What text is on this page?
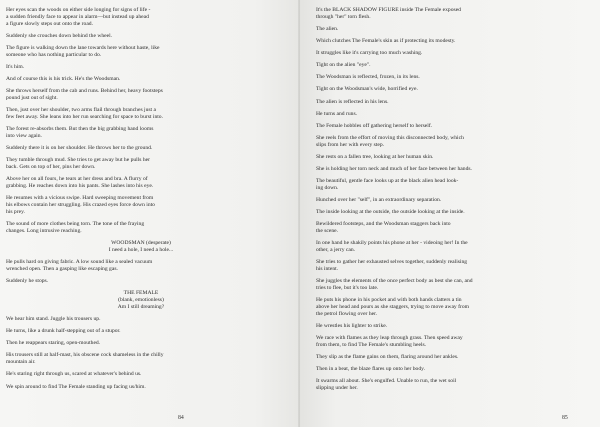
Her eyes scan the woods on either side longing for signs of life -

a sudden friendly face to appear in alarm—but instead up ahead

a figure slowly steps out onto the road.

Suddenly she crouches down behind the wheel.

The figure is walking down the lane towards here without haste, like

someone who has nothing particular to do.

It's him.

And of course this is his trick. He's the Woodsman.

She throws herself from the cab and runs. Behind her, heavy footsteps

pound just out of sight.

Then, just over her shoulder, two arms flail through branches just a

few feet away. She leans into her run searching for space to burst into.

The forest re-absorbs them. But then the big grabbing hand looms

into view again.

Suddenly there it is on her shoulder. He throws her to the ground.

They tumble through mud. She tries to get away but he pulls her

back. Gets on top of her, pins her down.

Above her on all fours, he tears at her dress and bra. A flurry of

grabbing. He reaches down into his pants. She lashes into his eye.

He resumes with a vicious swipe. Hard sweeping movement from

his elbows contain her struggling. His crazed eyes force down into

his prey.

The sound of more clothes being torn. The tone of the fraying

changes. Long intrusive reaching.

WOODSMAN (desperate)

I need a hole, I need a hole...

He pulls hard on giving fabric. A low sound like a sealed vacuum

wrenched open. Then a gasping like escaping gas.

Suddenly he stops.

THE FEMALE

(blank, emotionless)

Am I still dreaming?

We hear him stand. Juggle his trousers up.

He turns, like a drunk half-stepping out of a stupor.

Then he reappears staring, open-mouthed.

His trousers still at half-mast, his obscene cock shameless in the chilly

mountain air.

He's staring right through us, scared at whatever's behind us.

We spin around to find The Female standing up facing us/him.

84

It's the BLACK SHADOW FIGURE inside The Female exposed

through "her" torn flesh.

The alien.

Which clutches The Female's skin as if protecting its modesty.

It struggles like it's carrying too much washing.

Tight on the alien "eye".

The Woodsman is reflected, frozen, in its lens.

Tight on the Woodsman's wide, horrified eye.

The alien is reflected in his lens.

He turns and runs.

The Female hobbles off gathering herself to herself.

She reels from the effort of moving this disconnected body, which

slips from her with every step.

She rests on a fallen tree, looking at her human skin.

She is holding her torn neck and much of her face between her hands.

The beautiful, gentle face looks up at the black alien head look-

ing down.

Hunched over her "self", in an extraordinary separation.

The inside looking at the outside, the outside looking at the inside.

Bewildered footsteps, and the Woodsman staggers back into

the scene.

In one hand he shakily points his phone at her - videoing her! In the

other, a jerry can.

She tries to gather her exhausted selves together, suddenly realising

his intent.

She juggles the elements of the once perfect body as best she can, and

tries to flee, but it's too late.

He puts his phone in his pocket and with both hands clatters a tin

above her head and pours as she staggers, trying to move away from

the petrol flowing over her.

He wrestles his lighter to strike.

We race with flames as they leap through grass. Then speed away

from them, to find The Female's stumbling heels.

They slip as the flame gains on them, flaring around her ankles.

Then in a beat, the blaze flares up onto her body.

It swarms all about. She's engulfed. Unable to run, the wet soil

slipping under her.

85
